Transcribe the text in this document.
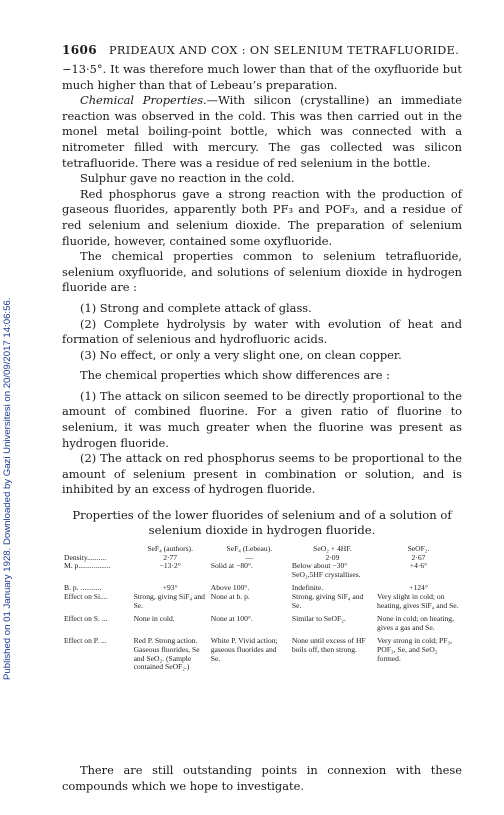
Published on 01 January 1928. Downloaded by Gazi Universitesi on 20/09/2017 14:06:56.
1606 PRIDEAUX AND COX : ON SELENIUM TETRAFLUORIDE.

−13·5°. It was therefore much lower than that of the oxyfluoride but much higher than that of Lebeau’s preparation.

Chemical Properties.—With silicon (crystalline) an immediate reaction was observed in the cold. This was then carried out in the monel metal boiling-point bottle, which was connected with a nitrometer filled with mercury. The gas collected was silicon tetrafluoride. There was a residue of red selenium in the bottle.

Sulphur gave no reaction in the cold.

Red phosphorus gave a strong reaction with the production of gaseous fluorides, apparently both PF₃ and POF₃, and a residue of red selenium and selenium dioxide. The preparation of selenium fluoride, however, contained some oxyfluoride.

The chemical properties common to selenium tetrafluoride, selenium oxyfluoride, and solutions of selenium dioxide in hydrogen fluoride are :

(1) Strong and complete attack of glass.

(2) Complete hydrolysis by water with evolution of heat and formation of selenious and hydrofluoric acids.

(3) No effect, or only a very slight one, on clean copper.

The chemical properties which show differences are :

(1) The attack on silicon seemed to be directly proportional to the amount of combined fluorine. For a given ratio of fluorine to selenium, it was much greater when the fluorine was present as hydrogen fluoride.

(2) The attack on red phosphorus seems to be proportional to the amount of selenium present in combination or solution, and is inhibited by an excess of hydrogen fluoride.

Properties of the lower fluorides of selenium and of a solution of selenium dioxide in hydrogen fluoride.
	SeF₄ (authors).	SeF₄ (Lebeau).	SeO₂ + 4HF.	SeOF₂.
Density..........	2·77	—	2·09	2·67
M. p.................	−13·2°	Solid at −80°.	Below about −30° SeO₂,5HF crystallises.	+4·6°

B. p. ...........	+93°	Above 100°.	Indefinite.	+124°
Effect on Si....	Strong, giving SiF₄ and Se.	None at b. p.	Strong, giving SiF₄ and Se.	Very slight in cold; on heating, gives SiF₄ and Se.

Effect on S. ...	None in cold.	None at 100°.	Similar to SeOF₂.	None in cold; on heating, gives a gas and Se.

Effect on P. ...	Red P. Strong action. Gaseous fluorides, Se and SeO₂. (Sample contained SeOF₂.)	White P. Vivid action; gaseous fluorides and Se.	None until excess of HF boils off, then strong.	Very strong in cold; PF₃, POF₃, Se, and SeO₂ formed.

There are still outstanding points in connexion with these compounds which we hope to investigate.
